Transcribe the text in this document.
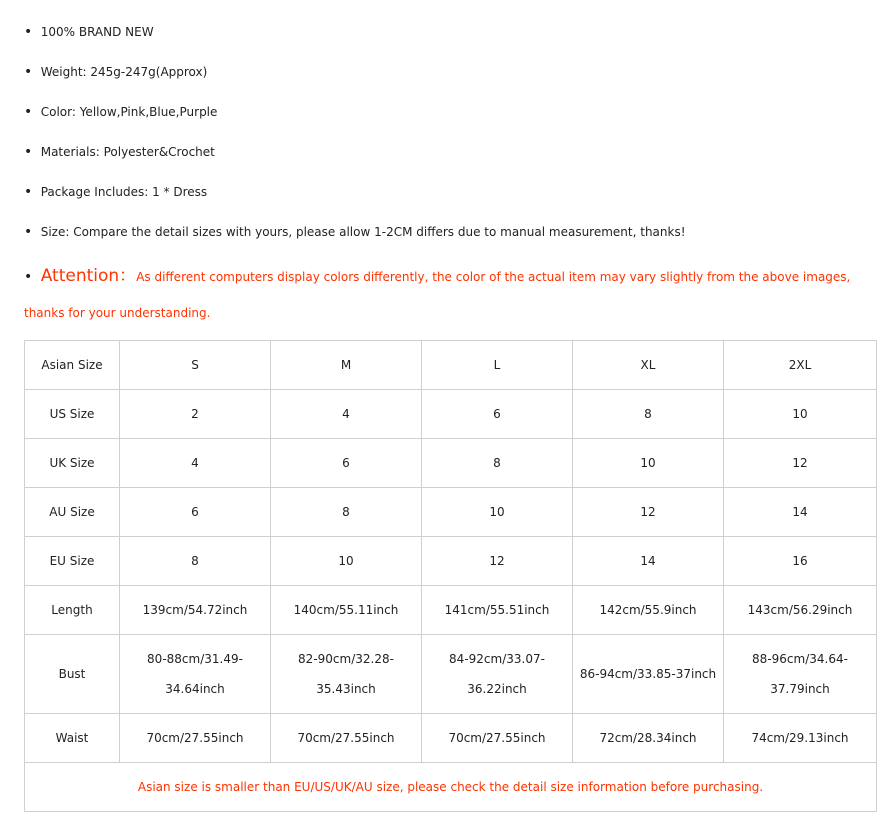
• 100% BRAND NEW
• Weight: 245g-247g(Approx)
• Color: Yellow,Pink,Blue,Purple
• Materials: Polyester&Crochet
• Package Includes: 1 * Dress
• Size: Compare the detail sizes with yours, please allow 1-2CM differs due to manual measurement, thanks!
• Attention：As different computers display colors differently, the color of the actual item may vary slightly from the above images, thanks for your understanding.
Asian Size	S	M	L	XL	2XL
US Size	2	4	6	8	10
UK Size	4	6	8	10	12
AU Size	6	8	10	12	14
EU Size	8	10	12	14	16
Length	139cm/54.72inch	140cm/55.11inch	141cm/55.51inch	142cm/55.9inch	143cm/56.29inch
Bust	80-88cm/31.49-34.64inch	82-90cm/32.28-35.43inch	84-92cm/33.07-36.22inch	86-94cm/33.85-37inch	88-96cm/34.64-37.79inch
Waist	70cm/27.55inch	70cm/27.55inch	70cm/27.55inch	72cm/28.34inch	74cm/29.13inch
Asian size is smaller than EU/US/UK/AU size, please check the detail size information before purchasing.					
